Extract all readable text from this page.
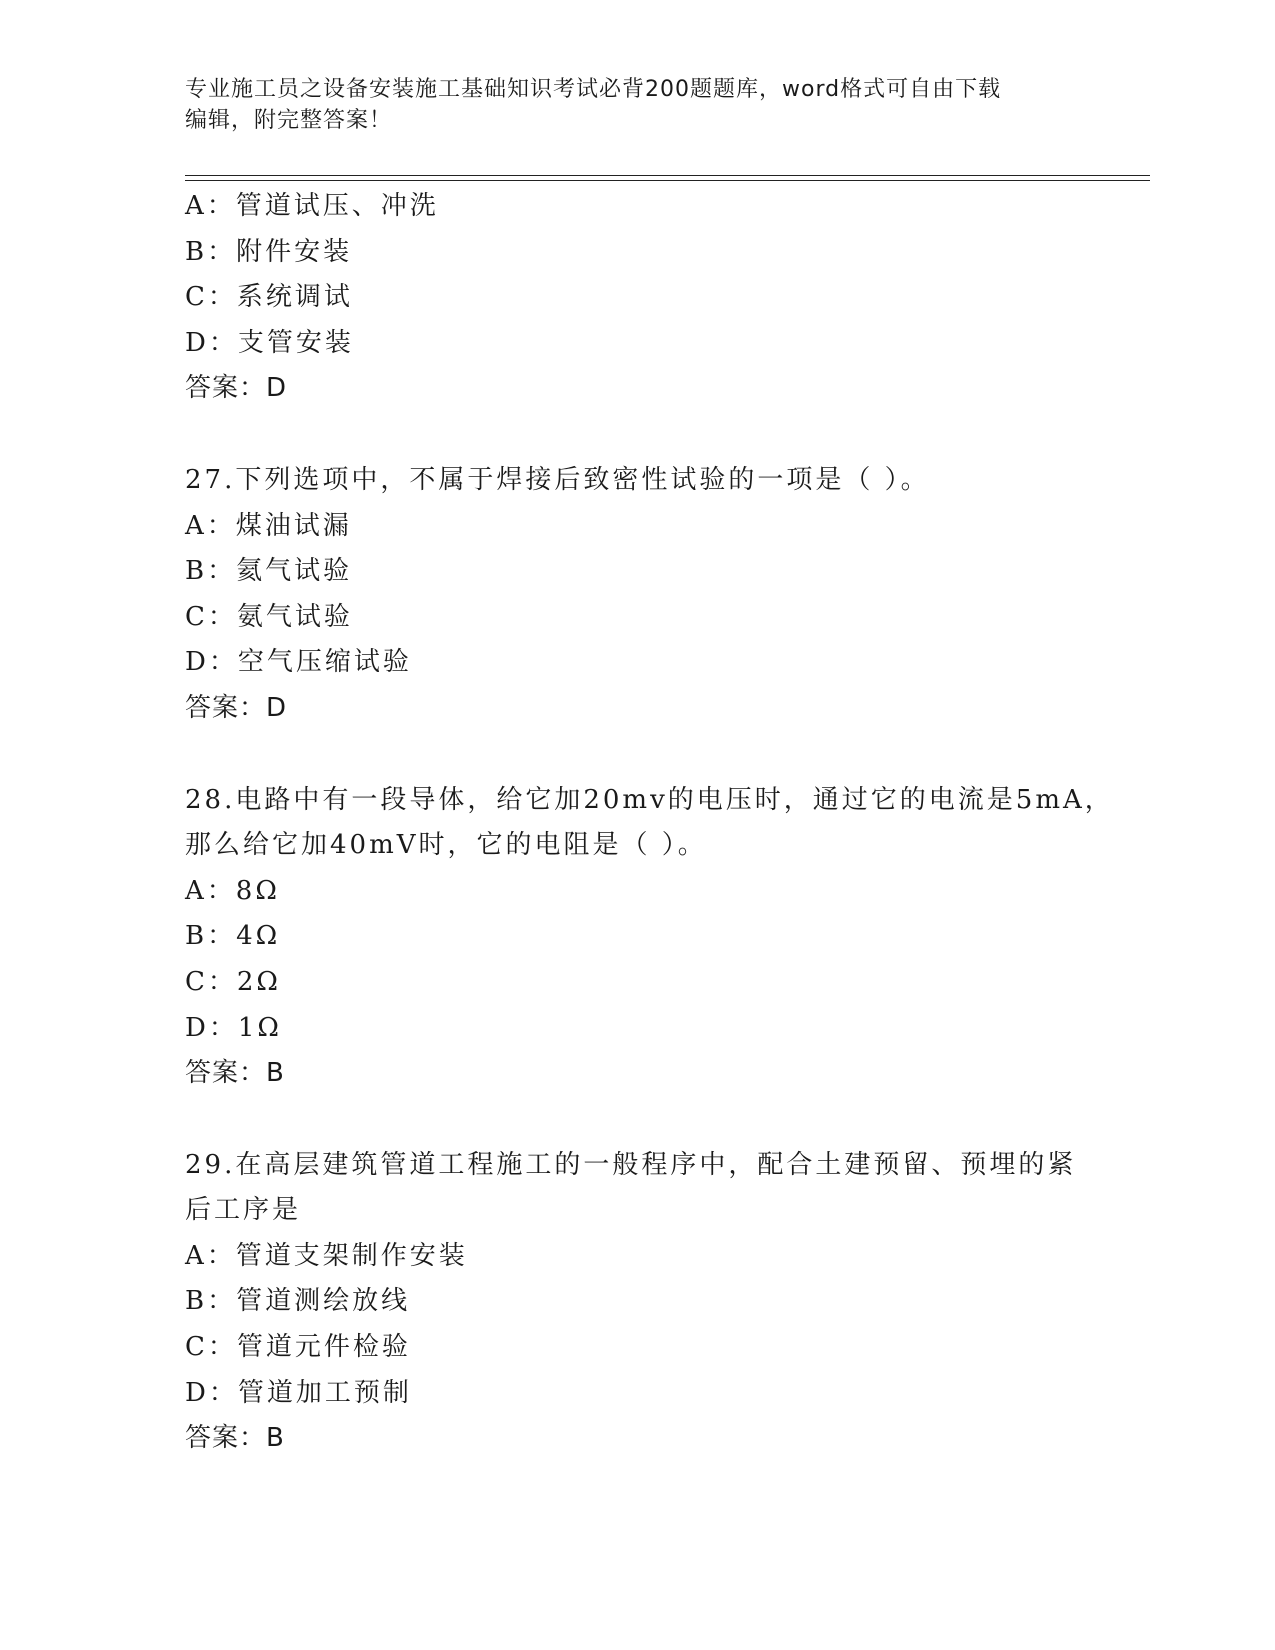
专业施工员之设备安装施工基础知识考试必背200题题库，word格式可自由下载
编辑，附完整答案！
A：管道试压、冲洗
B：附件安装
C：系统调试
D：支管安装
答案：D
27.下列选项中，不属于焊接后致密性试验的一项是（ ）。
A：煤油试漏
B：氦气试验
C：氨气试验
D：空气压缩试验
答案：D
28.电路中有一段导体，给它加20mv的电压时，通过它的电流是5mA，
那么给它加40mV时，它的电阻是（ ）。
A：8Ω
B：4Ω
C：2Ω
D：1Ω
答案：B
29.在高层建筑管道工程施工的一般程序中，配合土建预留、预埋的紧
后工序是
A：管道支架制作安装
B：管道测绘放线
C：管道元件检验
D：管道加工预制
答案：B
